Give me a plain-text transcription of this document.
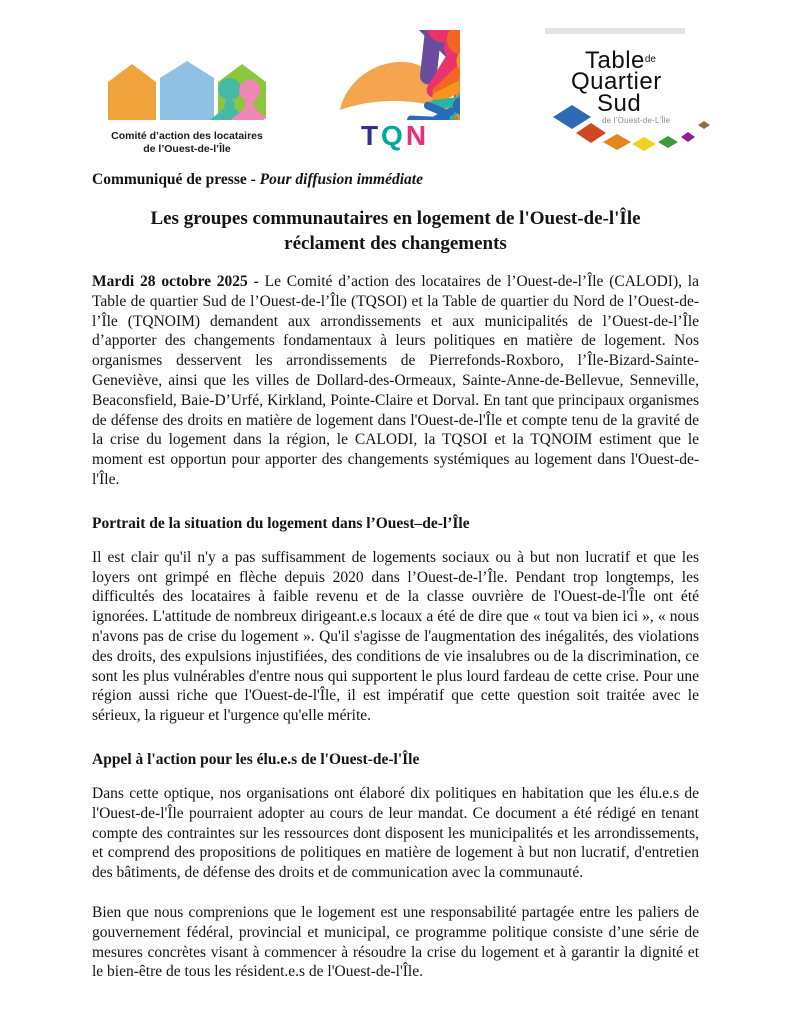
Comité d’action des locataires
de l’Ouest-de-l’Île	TQN
Table$^{de}$
Quartier
Sud
de l’Ouest-de-L’Île

Communiqué de presse - Pour diffusion immédiate

Les groupes communautaires en logement de l'Ouest-de-l'Île réclament des changements

Mardi 28 octobre 2025 - Le Comité d’action des locataires de l’Ouest-de-l’Île (CALODI), la Table de quartier Sud de l’Ouest-de-l’Île (TQSOI) et la Table de quartier du Nord de l’Ouest-de-l’Île (TQNOIM) demandent aux arrondissements et aux municipalités de l’Ouest-de-l’Île d’apporter des changements fondamentaux à leurs politiques en matière de logement. Nos organismes desservent les arrondissements de Pierrefonds-Roxboro, l’Île-Bizard-Sainte-Geneviève, ainsi que les villes de Dollard-des-Ormeaux, Sainte-Anne-de-Bellevue, Senneville, Beaconsfield, Baie-D’Urfé, Kirkland, Pointe-Claire et Dorval. En tant que principaux organismes de défense des droits en matière de logement dans l'Ouest-de-l'Île et compte tenu de la gravité de la crise du logement dans la région, le CALODI, la TQSOI et la TQNOIM estiment que le moment est opportun pour apporter des changements systémiques au logement dans l'Ouest-de-l'Île.

Portrait de la situation du logement dans l’Ouest–de-l’Île

Il est clair qu'il n'y a pas suffisamment de logements sociaux ou à but non lucratif et que les loyers ont grimpé en flèche depuis 2020 dans l’Ouest-de-l’Île. Pendant trop longtemps, les difficultés des locataires à faible revenu et de la classe ouvrière de l'Ouest-de-l'Île ont été ignorées. L'attitude de nombreux dirigeant.e.s locaux a été de dire que « tout va bien ici », « nous n'avons pas de crise du logement ». Qu'il s'agisse de l'augmentation des inégalités, des violations des droits, des expulsions injustifiées, des conditions de vie insalubres ou de la discrimination, ce sont les plus vulnérables d'entre nous qui supportent le plus lourd fardeau de cette crise. Pour une région aussi riche que l'Ouest-de-l'Île, il est impératif que cette question soit traitée avec le sérieux, la rigueur et l'urgence qu'elle mérite.

Appel à l'action pour les élu.e.s de l'Ouest-de-l'Île

Dans cette optique, nos organisations ont élaboré dix politiques en habitation que les élu.e.s de l'Ouest-de-l'Île pourraient adopter au cours de leur mandat. Ce document a été rédigé en tenant compte des contraintes sur les ressources dont disposent les municipalités et les arrondissements, et comprend des propositions de politiques en matière de logement à but non lucratif, d'entretien des bâtiments, de défense des droits et de communication avec la communauté.

Bien que nous comprenions que le logement est une responsabilité partagée entre les paliers de gouvernement fédéral, provincial et municipal, ce programme politique consiste d’une série de mesures concrètes visant à commencer à résoudre la crise du logement et à garantir la dignité et le bien-être de tous les résident.e.s de l'Ouest-de-l'Île.
